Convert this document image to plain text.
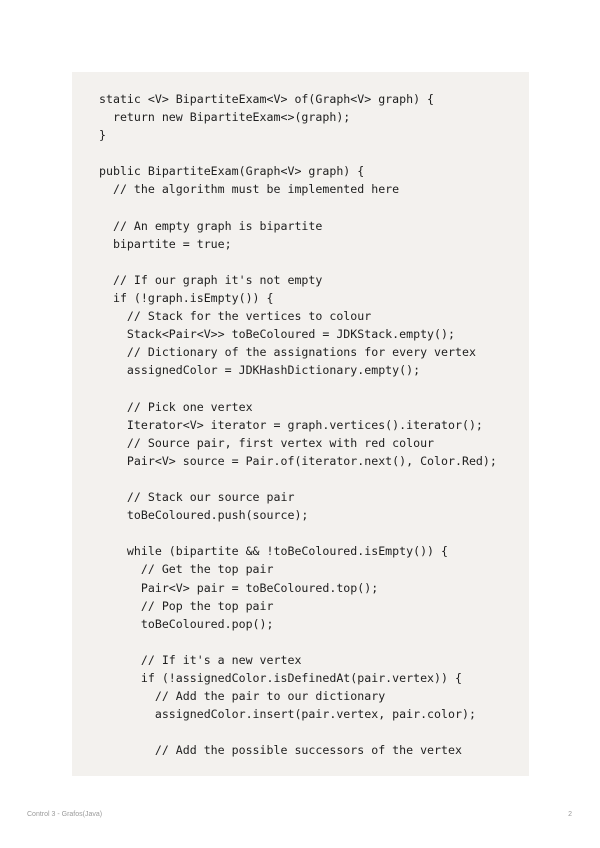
static <V> BipartiteExam<V> of(Graph<V> graph) {
return new BipartiteExam<>(graph);
}
public BipartiteExam(Graph<V> graph) {
// the algorithm must be implemented here
// An empty graph is bipartite
bipartite = true;
// If our graph it's not empty
if (!graph.isEmpty()) {
// Stack for the vertices to colour
Stack<Pair<V>> toBeColoured = JDKStack.empty();
// Dictionary of the assignations for every vertex
assignedColor = JDKHashDictionary.empty();
// Pick one vertex
Iterator<V> iterator = graph.vertices().iterator();
// Source pair, first vertex with red colour
Pair<V> source = Pair.of(iterator.next(), Color.Red);
// Stack our source pair
toBeColoured.push(source);
while (bipartite && !toBeColoured.isEmpty()) {
// Get the top pair
Pair<V> pair = toBeColoured.top();
// Pop the top pair
toBeColoured.pop();
// If it's a new vertex
if (!assignedColor.isDefinedAt(pair.vertex)) {
// Add the pair to our dictionary
assignedColor.insert(pair.vertex, pair.color);
// Add the possible successors of the vertex
Control 3 - Grafos(Java)	2
